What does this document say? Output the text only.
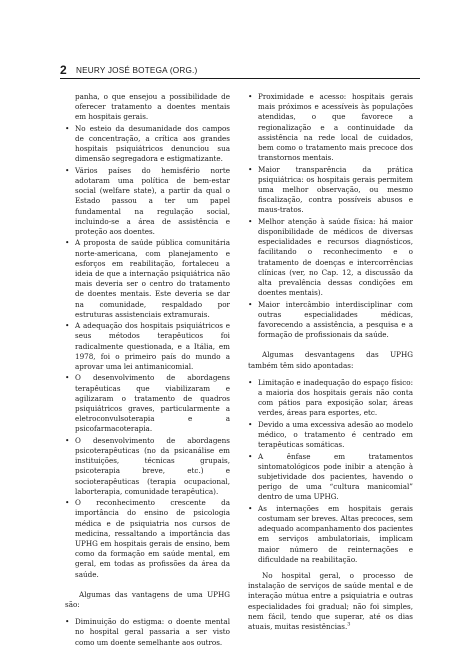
2 NEURY JOSÉ BOTEGA (ORG.)

panha, o que ensejou a possibilidade de oferecer tratamento a doentes mentais em hospitais gerais.

• No esteio da desumanidade dos campos de concentração, a crítica aos grandes hospitais psiquiátricos denunciou sua dimensão segregadora e estigmatizante.
• Vários países do hemisfério norte adotaram uma política de bem-estar social (welfare state), a partir da qual o Estado passou a ter um papel fundamental na regulação social, incluindo-se a área de assistência e proteção aos doentes.
• A proposta de saúde pública comunitária norte-americana, com planejamento e esforços em reabilitação, fortaleceu a ideia de que a internação psiquiátrica não mais deveria ser o centro do tratamento de doentes mentais. Este deveria se dar na comunidade, respaldado por estruturas assistenciais extramurais.
• A adequação dos hospitais psiquiátricos e seus métodos terapêuticos foi radicalmente questionada, e a Itália, em 1978, foi o primeiro país do mundo a aprovar uma lei antimanicomial.
• O desenvolvimento de abordagens terapêuticas que viabilizaram e agilizaram o tratamento de quadros psiquiátricos graves, particularmente a eletroconvulsoterapia e a psicofarmacoterapia.
• O desenvolvimento de abordagens psicoterapêuticas (no da psicanálise em instituições, técnicas grupais, psicoterapia breve, etc.) e socioterapêuticas (terapia ocupacional, laborterapia, comunidade terapêutica).
• O reconhecimento crescente da importância do ensino de psicologia médica e de psiquiatria nos cursos de medicina, ressaltando a importância das UPHG em hospitais gerais de ensino, bem como da formação em saúde mental, em geral, em todas as profissões da área da saúde.

Algumas das vantagens de uma UPHG são:

• Diminuição do estigma: o doente mental no hospital geral passaria a ser visto como um doente semelhante aos outros.
• Proximidade e acesso: hospitais gerais mais próximos e acessíveis às populações atendidas, o que favorece a regionalização e a continuidade da assistência na rede local de cuidados, bem como o tratamento mais precoce dos transtornos mentais.
• Maior transparência da prática psiquiátrica: os hospitais gerais permitem uma melhor observação, ou mesmo fiscalização, contra possíveis abusos e maus-tratos.
• Melhor atenção à saúde física: há maior disponibilidade de médicos de diversas especialidades e recursos diagnósticos, facilitando o reconhecimento e o tratamento de doenças e intercorrências clínicas (ver, no Cap. 12, a discussão da alta prevalência dessas condições em doentes mentais).
• Maior intercâmbio interdisciplinar com outras especialidades médicas, favorecendo a assistência, a pesquisa e a formação de profissionais da saúde.

Algumas desvantagens das UPHG também têm sido apontadas:

• Limitação e inadequação do espaço físico: a maioria dos hospitais gerais não conta com pátios para exposição solar, áreas verdes, áreas para esportes, etc.
• Devido a uma excessiva adesão ao modelo médico, o tratamento é centrado em terapêuticas somáticas.
• A ênfase em tratamentos sintomatológicos pode inibir a atenção à subjetividade dos pacientes, havendo o perigo de uma “cultura manicomial” dentro de uma UPHG.
• As internações em hospitais gerais costumam ser breves. Altas precoces, sem adequado acompanhamento dos pacientes em serviços ambulatoriais, implicam maior número de reinternações e dificuldade na reabilitação.

No hospital geral, o processo de instalação de serviços de saúde mental e de interação mútua entre a psiquiatria e outras especialidades foi gradual; não foi simples, nem fácil, tendo que superar, até os dias atuais, muitas resistências.$^3$
